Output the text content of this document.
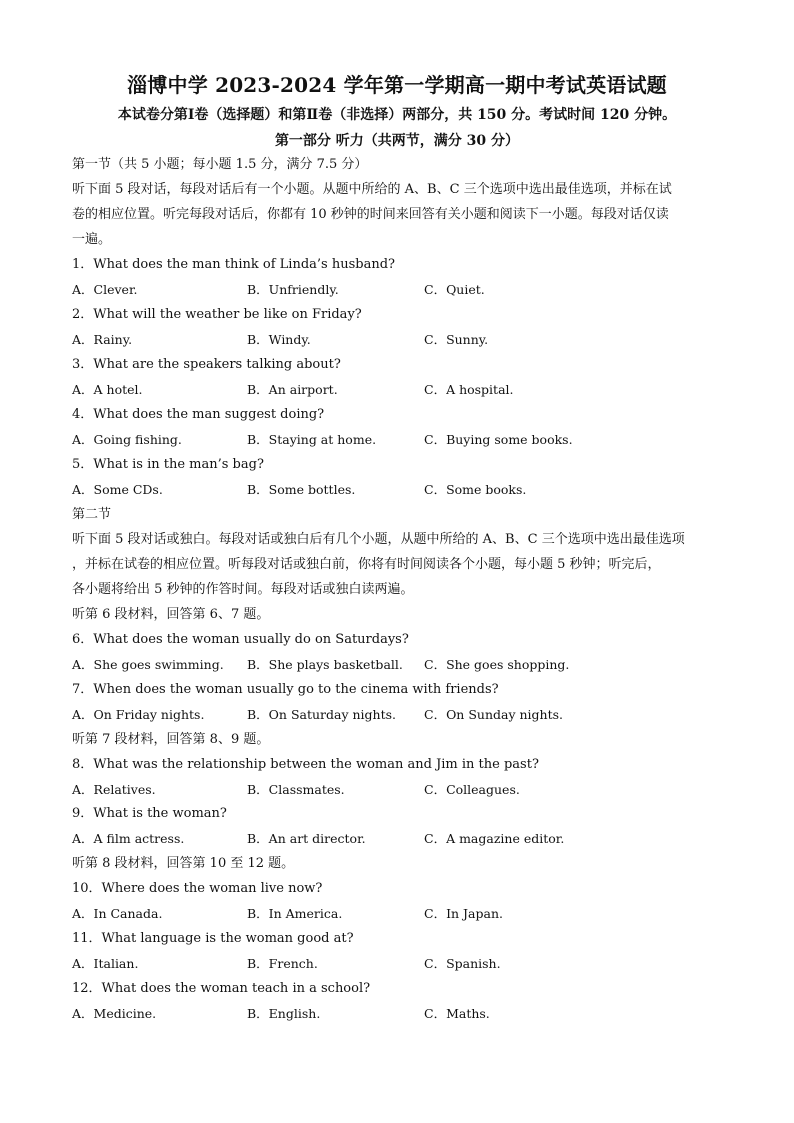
淄博中学 2023-2024 学年第一学期高一期中考试英语试题
本试卷分第Ⅰ卷（选择题）和第Ⅱ卷（非选择）两部分，共 150 分。考试时间 120 分钟。
第一部分 听力（共两节，满分 30 分）
第一节（共 5 小题；每小题 1.5 分，满分 7.5 分）
听下面 5 段对话，每段对话后有一个小题。从题中所给的 A、B、C 三个选项中选出最佳选项，并标在试
卷的相应位置。听完每段对话后，你都有 10 秒钟的时间来回答有关小题和阅读下一小题。每段对话仅读
一遍。
1．What does the man think of Linda’s husband?
A．Clever.	B．Unfriendly.	C．Quiet.
2．What will the weather be like on Friday?
A．Rainy.	B．Windy.	C．Sunny.
3．What are the speakers talking about?
A．A hotel.	B．An airport.	C．A hospital.
4．What does the man suggest doing?
A．Going fishing.	B．Staying at home.	C．Buying some books.
5．What is in the man’s bag?
A．Some CDs.	B．Some bottles.	C．Some books.
第二节
听下面 5 段对话或独白。每段对话或独白后有几个小题，从题中所给的 A、B、C 三个选项中选出最佳选项
，并标在试卷的相应位置。听每段对话或独白前，你将有时间阅读各个小题，每小题 5 秒钟；听完后，
各小题将给出 5 秒钟的作答时间。每段对话或独白读两遍。
听第 6 段材料，回答第 6、7 题。
6．What does the woman usually do on Saturdays?
A．She goes swimming. B．She plays basketball. C．She goes shopping.
7．When does the woman usually go to the cinema with friends?
A．On Friday nights.	B．On Saturday nights. C．On Sunday nights.
听第 7 段材料，回答第 8、9 题。
8．What was the relationship between the woman and Jim in the past?
A．Relatives.	B．Classmates.	C．Colleagues.
9．What is the woman?
A．A film actress.	B．An art director.	C．A magazine editor.
听第 8 段材料，回答第 10 至 12 题。
10．Where does the woman live now?
A．In Canada.	B．In America.	C．In Japan.
11．What language is the woman good at?
A．Italian.	B．French.	C．Spanish.
12．What does the woman teach in a school?
A．Medicine.	B．English.	C．Maths.
